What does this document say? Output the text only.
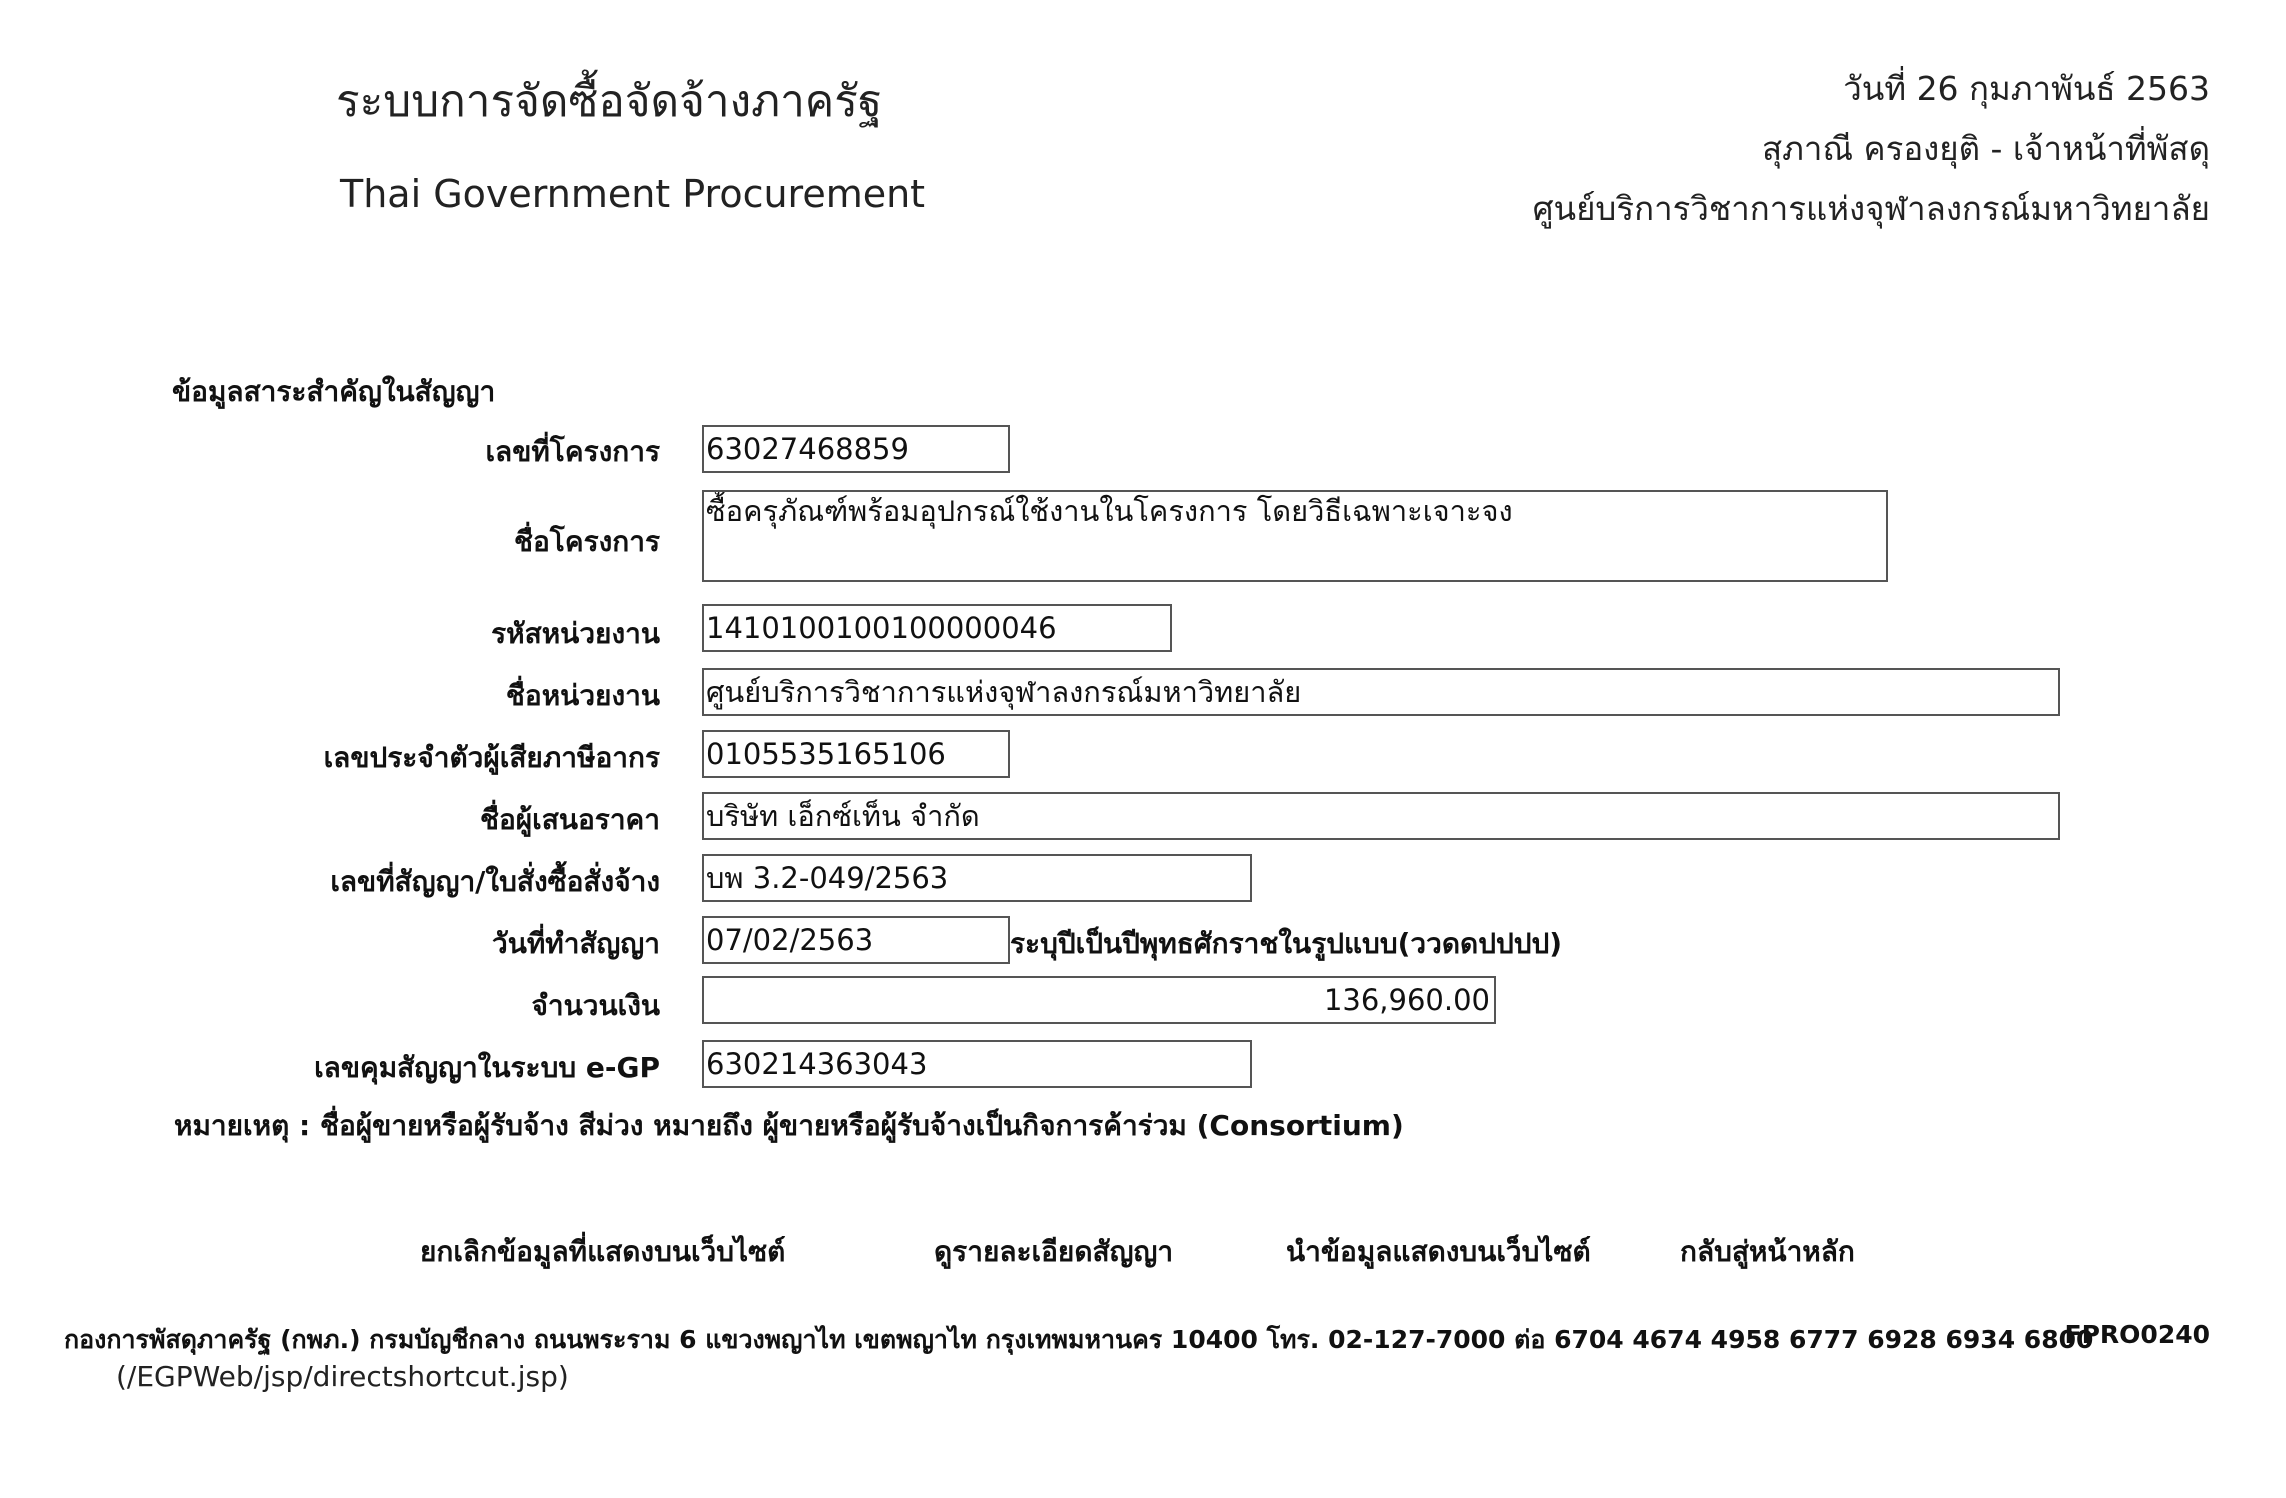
ระบบการจัดซื้อจัดจ้างภาครัฐ
Thai Government Procurement
วันที่ 26 กุมภาพันธ์ 2563
สุภาณี ครองยุติ - เจ้าหน้าที่พัสดุ
ศูนย์บริการวิชาการแห่งจุฬาลงกรณ์มหาวิทยาลัย
ข้อมูลสาระสำคัญในสัญญา
เลขที่โครงการ 63027468859
ชื่อโครงการ
ซื้อครุภัณฑ์พร้อมอุปกรณ์ใช้งานในโครงการ โดยวิธีเฉพาะเจาะจง
รหัสหน่วยงาน 1410100100100000046
ชื่อหน่วยงาน ศูนย์บริการวิชาการแห่งจุฬาลงกรณ์มหาวิทยาลัย
เลขประจำตัวผู้เสียภาษีอากร 0105535165106
ชื่อผู้เสนอราคา บริษัท เอ็กซ์เท็น จำกัด
เลขที่สัญญา/ใบสั่งซื้อสั่งจ้าง บพ 3.2-049/2563
วันที่ทำสัญญา 07/02/2563	ระบุปีเป็นปีพุทธศักราชในรูปแบบ(ววดดปปปป)
จำนวนเงิน	136,960.00
เลขคุมสัญญาในระบบ e-GP 630214363043
หมายเหตุ : ชื่อผู้ขายหรือผู้รับจ้าง สีม่วง หมายถึง ผู้ขายหรือผู้รับจ้างเป็นกิจการค้าร่วม (Consortium)
ยกเลิกข้อมูลที่แสดงบนเว็บไซต์	ดูรายละเอียดสัญญา	นำข้อมูลแสดงบนเว็บไซต์	กลับสู่หน้าหลัก
กองการพัสดุภาครัฐ (กพภ.) กรมบัญชีกลาง ถนนพระราม 6 แขวงพญาไท เขตพญาไท กรุงเทพมหานคร 10400 โทร. 02-127-7000 ต่อ 6704 4674 4958 6777 6928 6934 6800
FPRO0240
(/EGPWeb/jsp/directshortcut.jsp)
